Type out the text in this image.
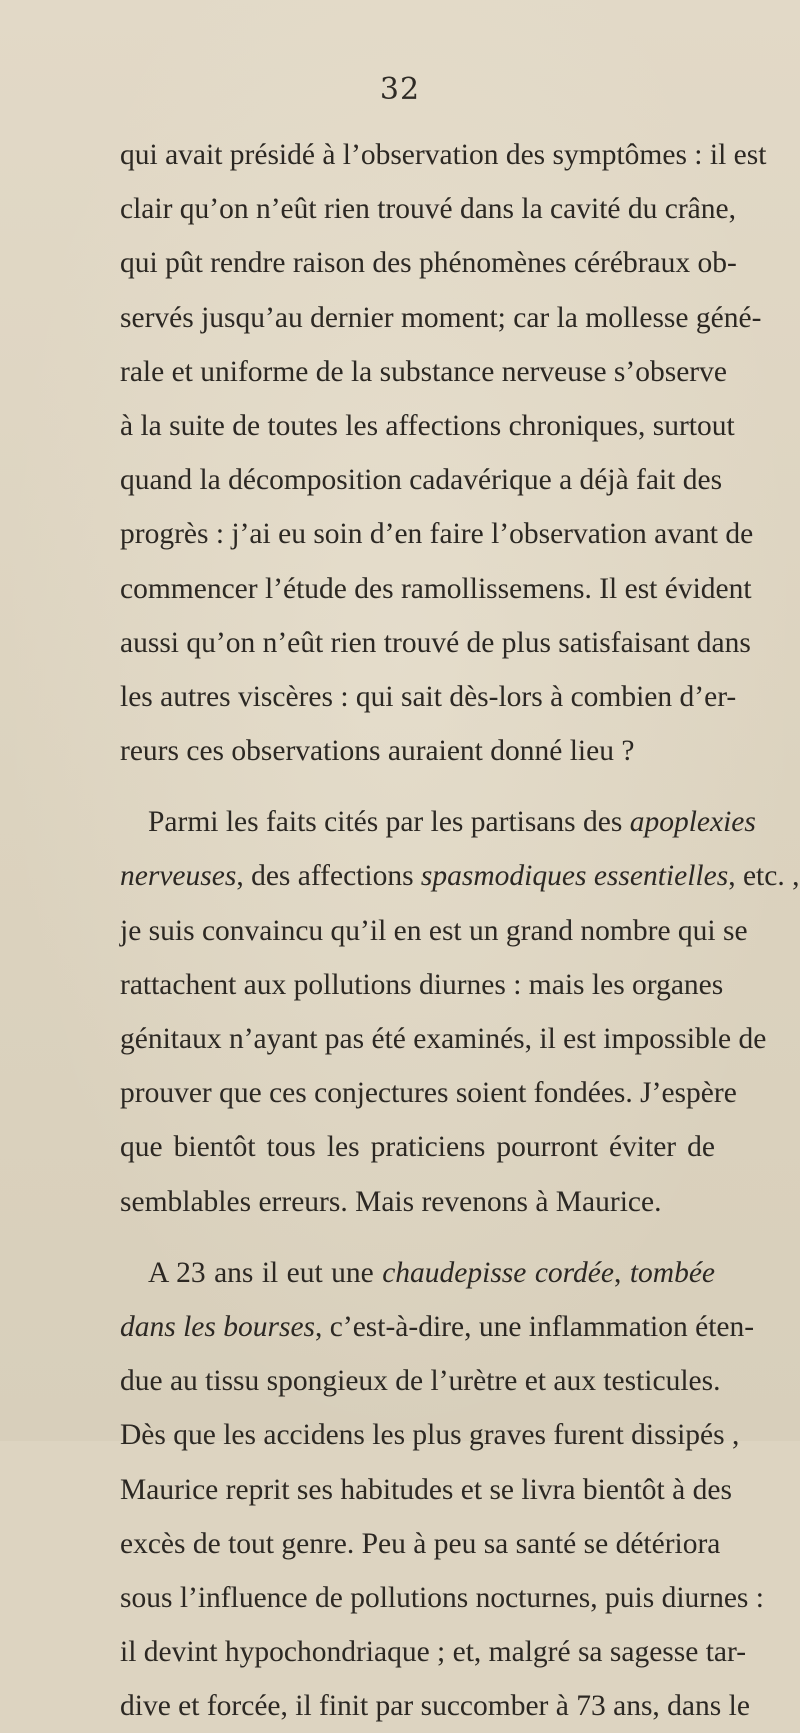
32
qui avait présidé à l’observation des symptômes : il est
clair qu’on n’eût rien trouvé dans la cavité du crâne,
qui pût rendre raison des phénomènes cérébraux ob-
servés jusqu’au dernier moment; car la mollesse géné-
rale et uniforme de la substance nerveuse s’observe
à la suite de toutes les affections chroniques, surtout
quand la décomposition cadavérique a déjà fait des
progrès : j’ai eu soin d’en faire l’observation avant de
commencer l’étude des ramollissemens. Il est évident
aussi qu’on n’eût rien trouvé de plus satisfaisant dans
les autres viscères : qui sait dès-lors à combien d’er-
reurs ces observations auraient donné lieu ?
Parmi les faits cités par les partisans des apoplexies
nerveuses, des affections spasmodiques essentielles, etc. ,
je suis convaincu qu’il en est un grand nombre qui se
rattachent aux pollutions diurnes : mais les organes
génitaux n’ayant pas été examinés, il est impossible de
prouver que ces conjectures soient fondées. J’espère
que bientôt tous les praticiens pourront éviter de
semblables erreurs. Mais revenons à Maurice.
A 23 ans il eut une chaudepisse cordée, tombée
dans les bourses, c’est-à-dire, une inflammation éten-
due au tissu spongieux de l’urètre et aux testicules.
Dès que les accidens les plus graves furent dissipés ,
Maurice reprit ses habitudes et se livra bientôt à des
excès de tout genre. Peu à peu sa santé se détériora
sous l’influence de pollutions nocturnes, puis diurnes :
il devint hypochondriaque ; et, malgré sa sagesse tar-
dive et forcée, il finit par succomber à 73 ans, dans le
